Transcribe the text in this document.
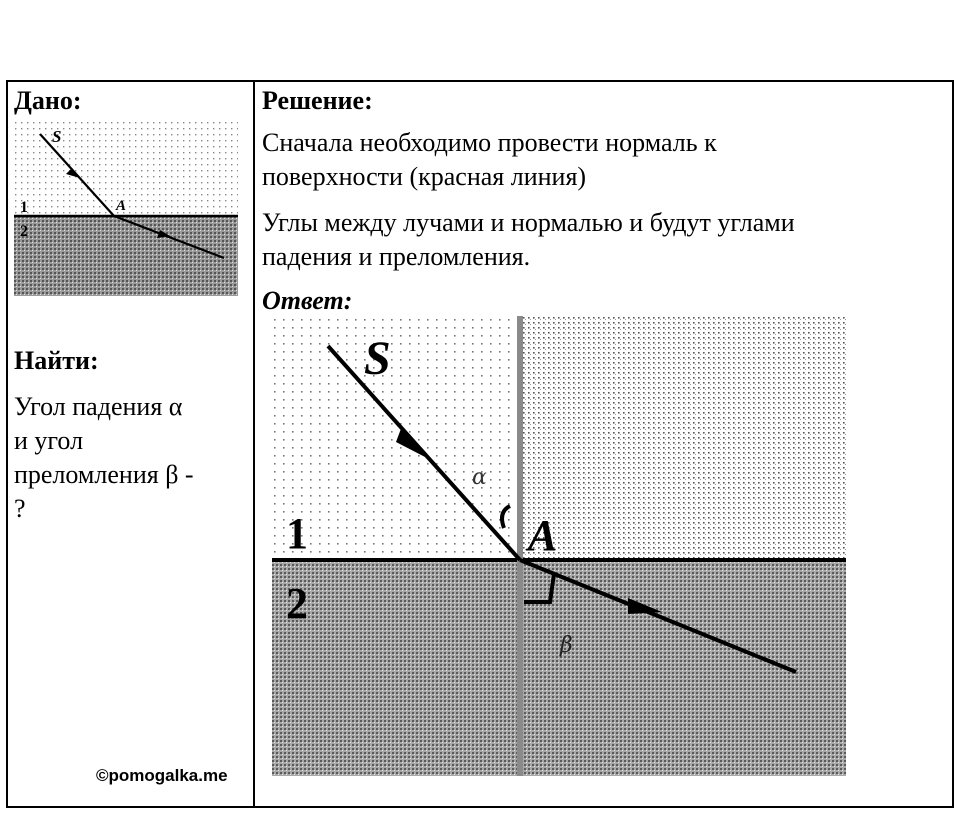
Дано:
S
A
1
2
Найти:
Угол падения α
и угол
преломления β -
?
©pomogalka.me
Решение:
Сначала необходимо провести нормаль к
поверхности (красная линия)
Углы между лучами и нормалью и будут углами
падения и преломления.
Ответ:
S
A
1
2
α
β
